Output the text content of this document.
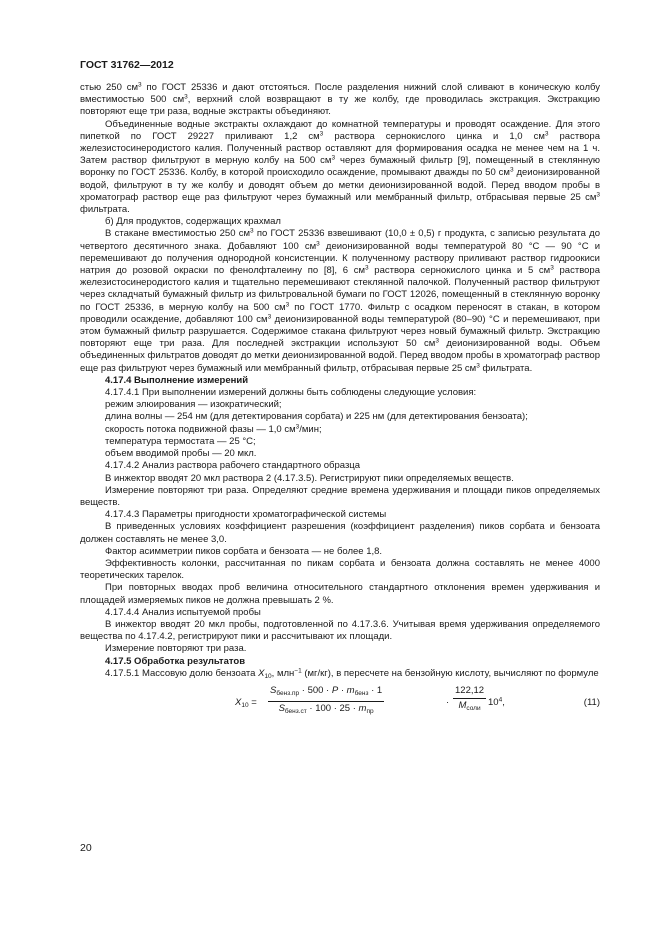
ГОСТ 31762—2012

стью 250 $см^3$ по ГОСТ 25336 и дают отстояться. После разделения нижний слой сливают в коническую колбу вместимостью 500 $см^3$, верхний слой возвращают в ту же колбу, где проводилась экстракция. Экстракцию повторяют еще три раза, водные экстракты объединяют.

Объединенные водные экстракты охлаждают до комнатной температуры и проводят осаждение. Для этого пипеткой по ГОСТ 29227 приливают 1,2 $см^3$ раствора сернокислого цинка и 1,0 $см^3$ раствора железистосинеродистого калия. Полученный раствор оставляют для формирования осадка не менее чем на 1 ч. Затем раствор фильтруют в мерную колбу на 500 $см^3$ через бумажный фильтр [9], помещенный в стеклянную воронку по ГОСТ 25336. Колбу, в которой происходило осаждение, промывают дважды по 50 $см^3$ деионизированной водой, фильтруют в ту же колбу и доводят объем до метки деионизированной водой. Перед вводом пробы в хроматограф раствор еще раз фильтруют через бумажный или мембранный фильтр, отбрасывая первые 25 $см^3$ фильтрата.

б) Для продуктов, содержащих крахмал

В стакане вместимостью 250 $см^3$ по ГОСТ 25336 взвешивают (10,0 ± 0,5) г продукта, с записью результата до четвертого десятичного знака. Добавляют 100 $см^3$ деионизированной воды температурой 80 °С — 90 °С и перемешивают до получения однородной консистенции. К полученному раствору приливают раствор гидроокиси натрия до розовой окраски по фенолфталеину по [8], 6 $см^3$ раствора сернокислого цинка и 5 $см^3$ раствора железистосинеродистого калия и тщательно перемешивают стеклянной палочкой. Полученный раствор фильтруют через складчатый бумажный фильтр из фильтровальной бумаги по ГОСТ 12026, помещенный в стеклянную воронку по ГОСТ 25336, в мерную колбу на 500 $см^3$ по ГОСТ 1770. Фильтр с осадком переносят в стакан, в котором проводили осаждение, добавляют 100 $см^3$ деионизированной воды температурой (80–90) °С и перемешивают, при этом бумажный фильтр разрушается. Содержимое стакана фильтруют через новый бумажный фильтр. Экстракцию повторяют еще три раза. Для последней экстракции используют 50 $см^3$ деионизированной воды. Объем объединенных фильтратов доводят до метки деионизированной водой. Перед вводом пробы в хроматограф раствор еще раз фильтруют через бумажный или мембранный фильтр, отбрасывая первые 25 $см^3$ фильтрата.

4.17.4 Выполнение измерений

4.17.4.1 При выполнении измерений должны быть соблюдены следующие условия:

режим элюирования — изократический;

длина волны — 254 нм (для детектирования сорбата) и 225 нм (для детектирования бензоата);

скорость потока подвижной фазы — 1,0 $см^3$/мин;

температура термостата — 25 °С;

объем вводимой пробы — 20 мкл.

4.17.4.2 Анализ раствора рабочего стандартного образца

В инжектор вводят 20 мкл раствора 2 (4.17.3.5). Регистрируют пики определяемых веществ.

Измерение повторяют три раза. Определяют средние времена удерживания и площади пиков определяемых веществ.

4.17.4.3 Параметры пригодности хроматографической системы

В приведенных условиях коэффициент разрешения (коэффициент разделения) пиков сорбата и бензоата должен составлять не менее 3,0.

Фактор асимметрии пиков сорбата и бензоата — не более 1,8.

Эффективность колонки, рассчитанная по пикам сорбата и бензоата должна составлять не менее 4000 теоретических тарелок.

При повторных вводах проб величина относительного стандартного отклонения времен удерживания и площадей измеряемых пиков не должна превышать 2 %.

4.17.4.4 Анализ испытуемой пробы

В инжектор вводят 20 мкл пробы, подготовленной по 4.17.3.6. Учитывая время удерживания определяемого вещества по 4.17.4.2, регистрируют пики и рассчитывают их площади.

Измерение повторяют три раза.

4.17.5 Обработка результатов

4.17.5.1 Массовую долю бензоата $X_{10}$, млн$^{-1}$ (мг/кг), в пересчете на бензойную кислоту, вычисляют по формуле

$X_{10}$ =
$S_{бенз.пр} \cdot 500 \cdot P \cdot m_{бенз} \cdot 1$
$S_{бенз.ст} \cdot 100 \cdot 25 \cdot m_{пр}$
·
122,12
$M_{соли}$
$10^4$,	(11)
20
